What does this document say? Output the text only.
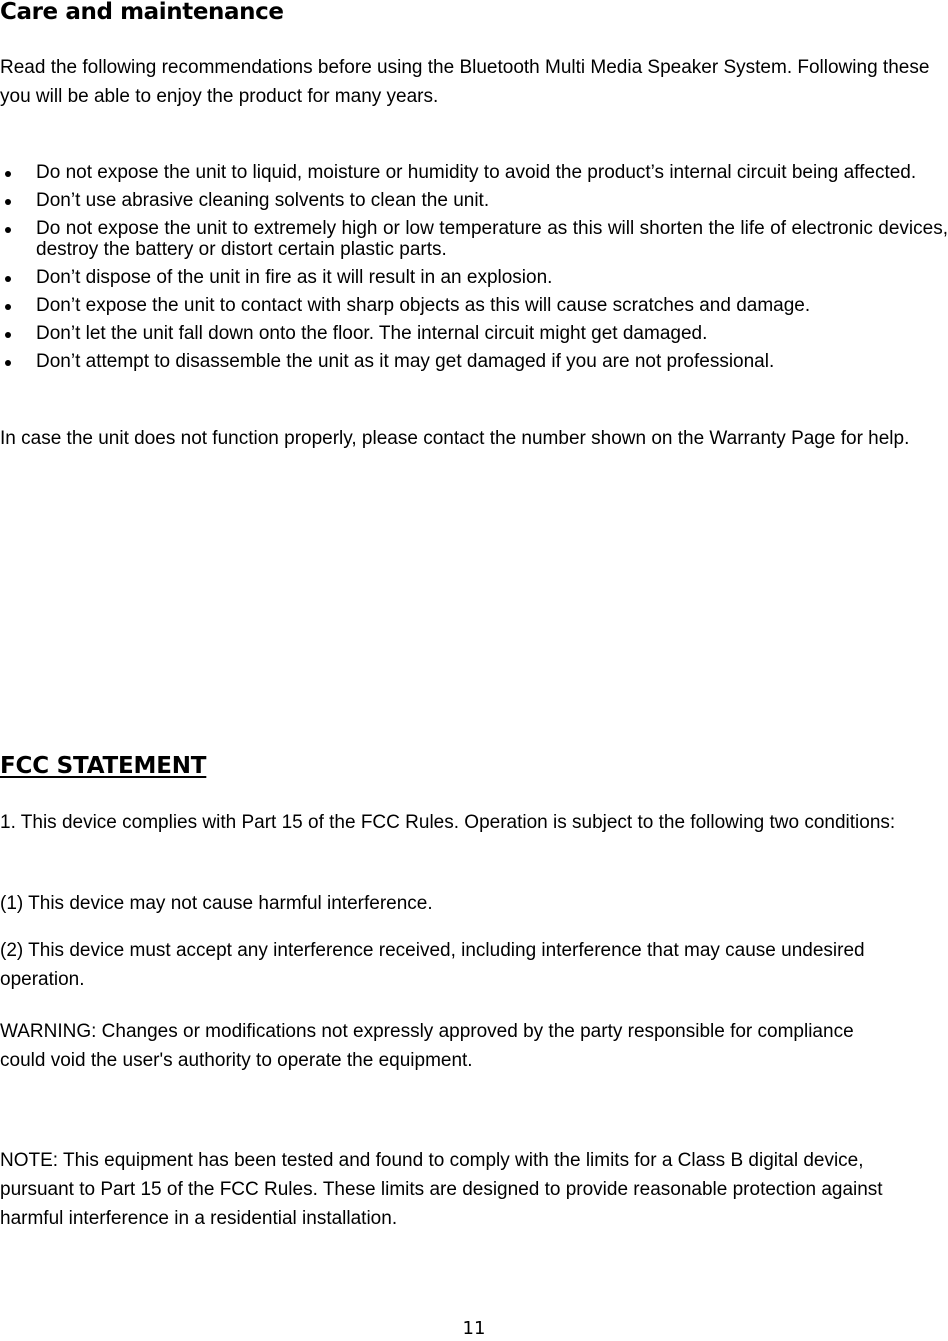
Care and maintenance

Read the following recommendations before using the Bluetooth Multi Media Speaker System. Following these you will be able to enjoy the product for many years.

Do not expose the unit to liquid, moisture or humidity to avoid the product’s internal circuit being affected.
Don’t use abrasive cleaning solvents to clean the unit.
Do not expose the unit to extremely high or low temperature as this will shorten the life of electronic devices, destroy the battery or distort certain plastic parts.
Don’t dispose of the unit in fire as it will result in an explosion.
Don’t expose the unit to contact with sharp objects as this will cause scratches and damage.
Don’t let the unit fall down onto the floor. The internal circuit might get damaged.
Don’t attempt to disassemble the unit as it may get damaged if you are not professional.

In case the unit does not function properly, please contact the number shown on the Warranty Page for help.

FCC STATEMENT

1. This device complies with Part 15 of the FCC Rules. Operation is subject to the following two conditions:

(1) This device may not cause harmful interference.

(2) This device must accept any interference received, including interference that may cause undesired operation.

WARNING: Changes or modifications not expressly approved by the party responsible for compliance could void the user's authority to operate the equipment.

NOTE: This equipment has been tested and found to comply with the limits for a Class B digital device, pursuant to Part 15 of the FCC Rules. These limits are designed to provide reasonable protection against harmful interference in a residential installation.

11
